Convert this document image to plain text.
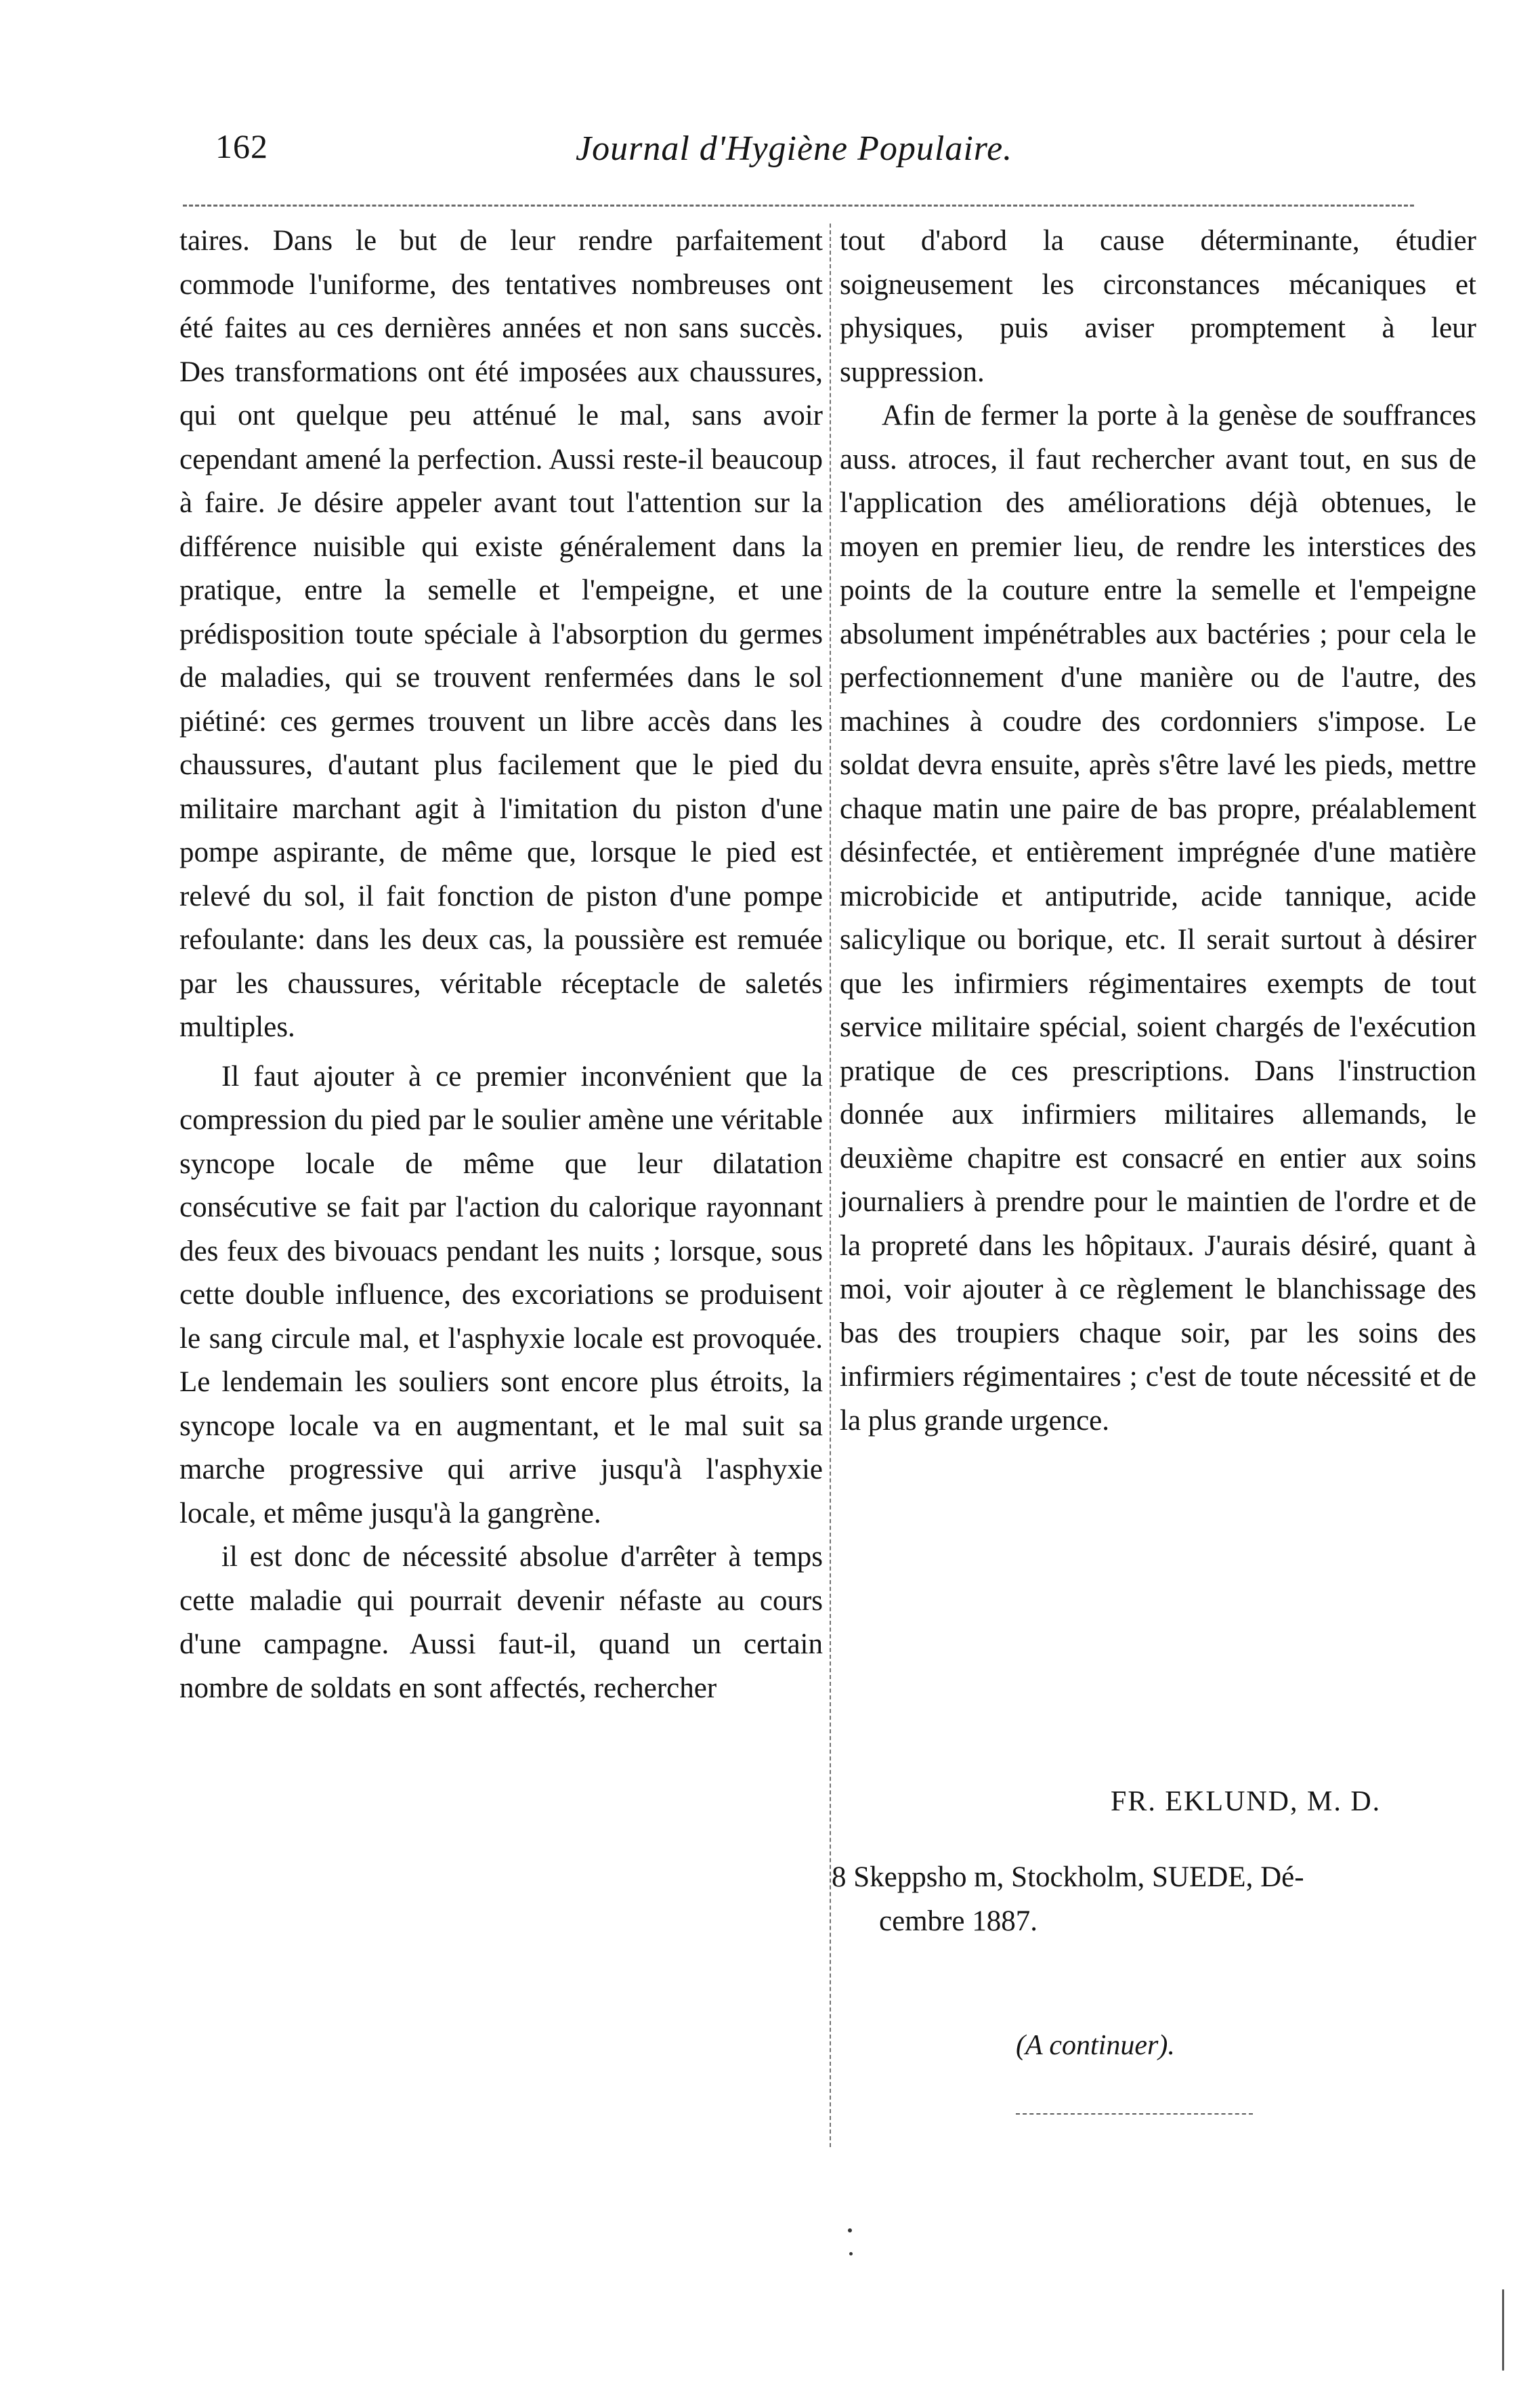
162	Journal d'Hygiène Populaire.

taires. Dans le but de leur rendre parfaitement commode l'uniforme, des tentatives nombreuses ont été faites au ces dernières années et non sans succès. Des transformations ont été imposées aux chaussures, qui ont quelque peu atténué le mal, sans avoir cependant amené la perfection. Aussi reste-il beaucoup à faire. Je désire appeler avant tout l'attention sur la différence nuisible qui existe généralement dans la pratique, entre la semelle et l'empeigne, et une prédisposition toute spéciale à l'absorption du germes de maladies, qui se trouvent renfermées dans le sol piétiné: ces germes trouvent un libre accès dans les chaussures, d'autant plus facilement que le pied du militaire marchant agit à l'imitation du piston d'une pompe aspirante, de même que, lorsque le pied est relevé du sol, il fait fonction de piston d'une pompe refoulante: dans les deux cas, la poussière est remuée par les chaussures, véritable réceptacle de saletés multiples.

Il faut ajouter à ce premier inconvénient que la compression du pied par le soulier amène une véritable syncope locale de même que leur dilatation consécutive se fait par l'action du calorique rayonnant des feux des bivouacs pendant les nuits ; lorsque, sous cette double influence, des excoriations se produisent le sang circule mal, et l'asphyxie locale est provoquée. Le lendemain les souliers sont encore plus étroits, la syncope locale va en augmentant, et le mal suit sa marche progressive qui arrive jusqu'à l'asphyxie locale, et même jusqu'à la gangrène.

il est donc de nécessité absolue d'arrêter à temps cette maladie qui pourrait devenir néfaste au cours d'une campagne. Aussi faut-il, quand un certain nombre de soldats en sont affectés, rechercher

tout d'abord la cause déterminante, étudier soigneusement les circonstances mécaniques et physiques, puis aviser promptement à leur suppression.

Afin de fermer la porte à la genèse de souffrances auss. atroces, il faut rechercher avant tout, en sus de l'application des améliorations déjà obtenues, le moyen en premier lieu, de rendre les interstices des points de la couture entre la semelle et l'empeigne absolument impénétrables aux bactéries ; pour cela le perfectionnement d'une manière ou de l'autre, des machines à coudre des cordonniers s'impose. Le soldat devra ensuite, après s'être lavé les pieds, mettre chaque matin une paire de bas propre, préalablement désinfectée, et entièrement imprégnée d'une matière microbicide et antiputride, acide tannique, acide salicylique ou borique, etc. Il serait surtout à désirer que les infirmiers régimentaires exempts de tout service militaire spécial, soient chargés de l'exécution pratique de ces prescriptions. Dans l'instruction donnée aux infirmiers militaires allemands, le deuxième chapitre est consacré en entier aux soins journaliers à prendre pour le maintien de l'ordre et de la propreté dans les hôpitaux. J'aurais désiré, quant à moi, voir ajouter à ce règlement le blanchissage des bas des troupiers chaque soir, par les soins des infirmiers régimentaires ; c'est de toute nécessité et de la plus grande urgence.

FR. EKLUND, M. D.
8 Skeppsho m, Stockholm, SUEDE, Dé-
cembre 1887.
(A continuer).
